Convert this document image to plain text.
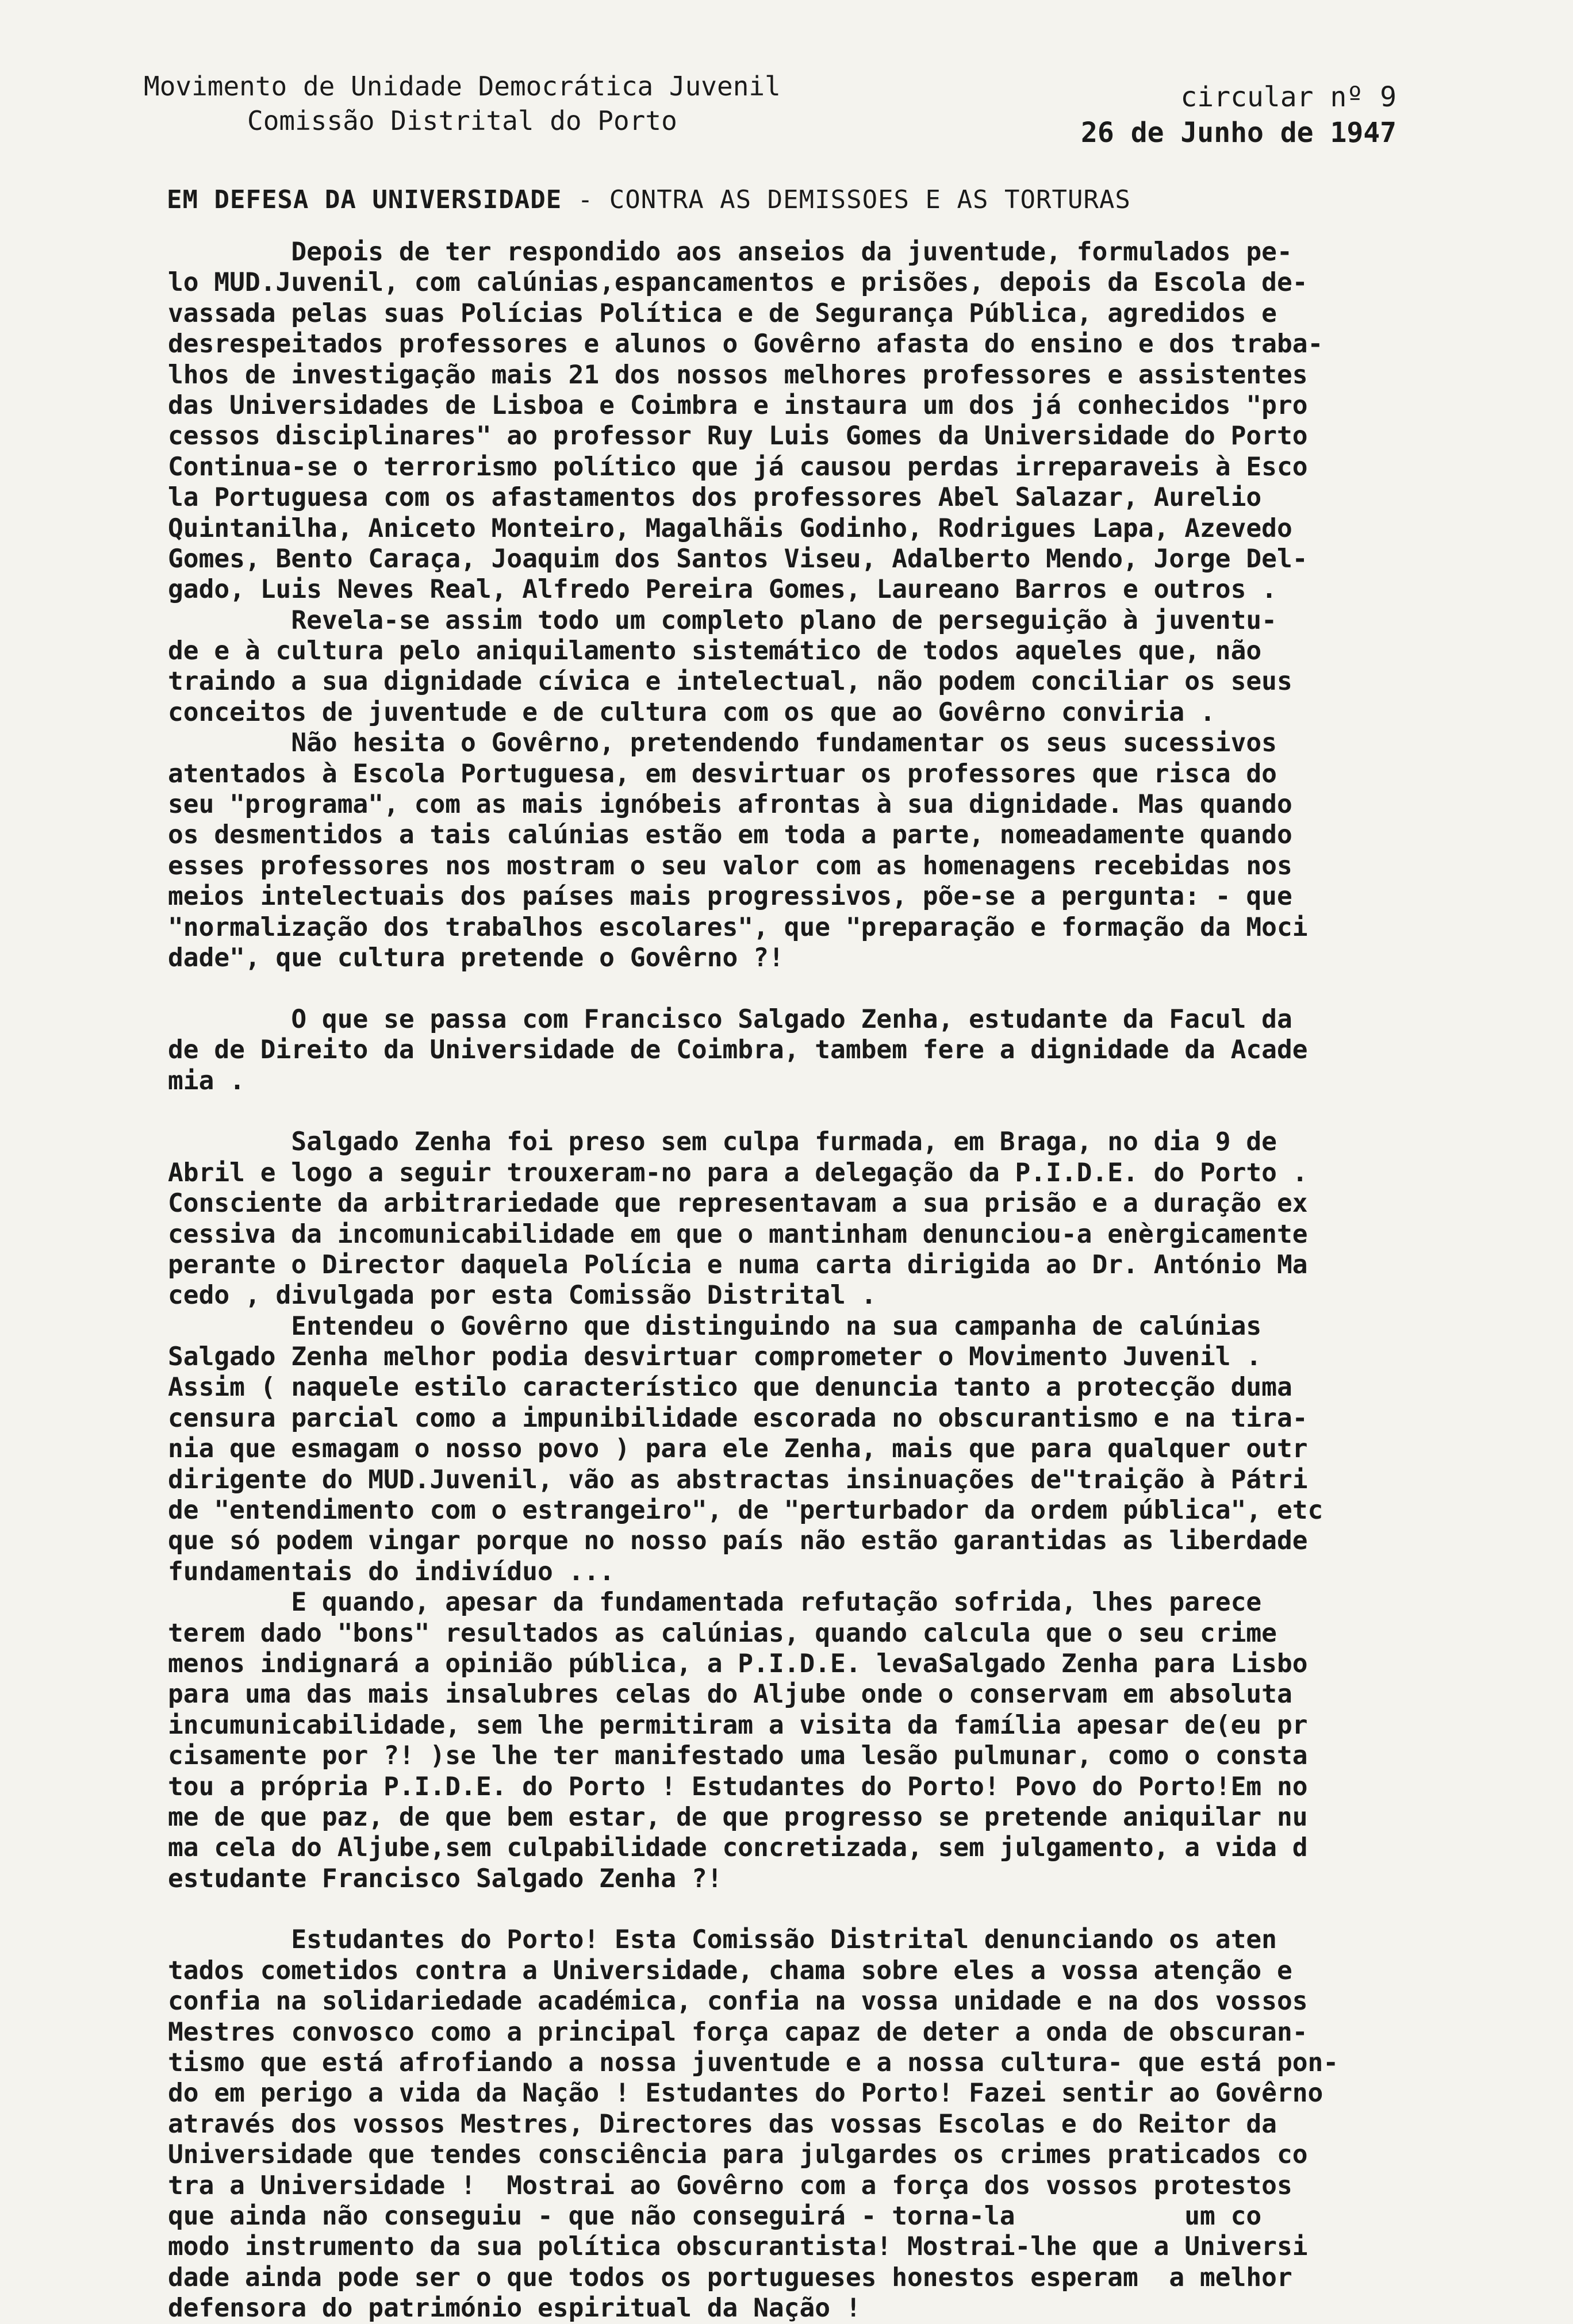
Movimento de Unidade Democrática Juvenil
Comissão Distrital do Porto
circular nº 9
26 de Junho de 1947
EM DEFESA DA UNIVERSIDADE - CONTRA AS DEMISSOES E AS TORTURAS
Depois de ter respondido aos anseios da juventude, formulados pe-
lo MUD.Juvenil, com calúnias,espancamentos e prisões, depois da Escola de-
vassada pelas suas Polícias Política e de Segurança Pública, agredidos e
desrespeitados professores e alunos o Govêrno afasta do ensino e dos traba-
lhos de investigação mais 21 dos nossos melhores professores e assistentes
das Universidades de Lisboa e Coimbra e instaura um dos já conhecidos "pro
cessos disciplinares" ao professor Ruy Luis Gomes da Universidade do Porto
Continua-se o terrorismo político que já causou perdas irreparaveis à Esco
la Portuguesa com os afastamentos dos professores Abel Salazar, Aurelio
Quintanilha, Aniceto Monteiro, Magalhãis Godinho, Rodrigues Lapa, Azevedo
Gomes, Bento Caraça, Joaquim dos Santos Viseu, Adalberto Mendo, Jorge Del-
gado, Luis Neves Real, Alfredo Pereira Gomes, Laureano Barros e outros .
Revela-se assim todo um completo plano de perseguição à juventu-
de e à cultura pelo aniquilamento sistemático de todos aqueles que, não
traindo a sua dignidade cívica e intelectual, não podem conciliar os seus
conceitos de juventude e de cultura com os que ao Govêrno conviria .
Não hesita o Govêrno, pretendendo fundamentar os seus sucessivos
atentados à Escola Portuguesa, em desvirtuar os professores que risca do
seu "programa", com as mais ignóbeis afrontas à sua dignidade. Mas quando
os desmentidos a tais calúnias estão em toda a parte, nomeadamente quando
esses professores nos mostram o seu valor com as homenagens recebidas nos
meios intelectuais dos países mais progressivos, põe-se a pergunta: - que
"normalização dos trabalhos escolares", que "preparação e formação da Moci
dade", que cultura pretende o Govêrno ?!
O que se passa com Francisco Salgado Zenha, estudante da Facul da
de de Direito da Universidade de Coimbra, tambem fere a dignidade da Acade
mia .
Salgado Zenha foi preso sem culpa furmada, em Braga, no dia 9 de
Abril e logo a seguir trouxeram-no para a delegação da P.I.D.E. do Porto .
Consciente da arbitrariedade que representavam a sua prisão e a duração ex
cessiva da incomunicabilidade em que o mantinham denunciou-a enèrgicamente
perante o Director daquela Polícia e numa carta dirigida ao Dr. António Ma
cedo , divulgada por esta Comissão Distrital .
Entendeu o Govêrno que distinguindo na sua campanha de calúnias
Salgado Zenha melhor podia desvirtuar comprometer o Movimento Juvenil .
Assim ( naquele estilo característico que denuncia tanto a protecção duma
censura parcial como a impunibilidade escorada no obscurantismo e na tira-
nia que esmagam o nosso povo ) para ele Zenha, mais que para qualquer outr
dirigente do MUD.Juvenil, vão as abstractas insinuações de"traição à Pátri
de "entendimento com o estrangeiro", de "perturbador da ordem pública", etc
que só podem vingar porque no nosso país não estão garantidas as liberdade
fundamentais do indivíduo ...
E quando, apesar da fundamentada refutação sofrida, lhes parece
terem dado "bons" resultados as calúnias, quando calcula que o seu crime
menos indignará a opinião pública, a P.I.D.E. levaSalgado Zenha para Lisbo
para uma das mais insalubres celas do Aljube onde o conservam em absoluta
incumunicabilidade, sem lhe permitiram a visita da família apesar de(eu pr
cisamente por ?! )se lhe ter manifestado uma lesão pulmunar, como o consta
tou a própria P.I.D.E. do Porto ! Estudantes do Porto! Povo do Porto!Em no
me de que paz, de que bem estar, de que progresso se pretende aniquilar nu
ma cela do Aljube,sem culpabilidade concretizada, sem julgamento, a vida d
estudante Francisco Salgado Zenha ?!
Estudantes do Porto! Esta Comissão Distrital denunciando os aten
tados cometidos contra a Universidade, chama sobre eles a vossa atenção e
confia na solidariedade académica, confia na vossa unidade e na dos vossos
Mestres convosco como a principal força capaz de deter a onda de obscuran-
tismo que está afrofiando a nossa juventude e a nossa cultura- que está pon-
do em perigo a vida da Nação ! Estudantes do Porto! Fazei sentir ao Govêrno
através dos vossos Mestres, Directores das vossas Escolas e do Reitor da
Universidade que tendes consciência para julgardes os crimes praticados co
tra a Universidade !  Mostrai ao Govêrno com a força dos vossos protestos
que ainda não conseguiu - que não conseguirá - torna-la           um co
modo instrumento da sua política obscurantista! Mostrai-lhe que a Universi
dade ainda pode ser o que todos os portugueses honestos esperam  a melhor
defensora do património espiritual da Nação !
